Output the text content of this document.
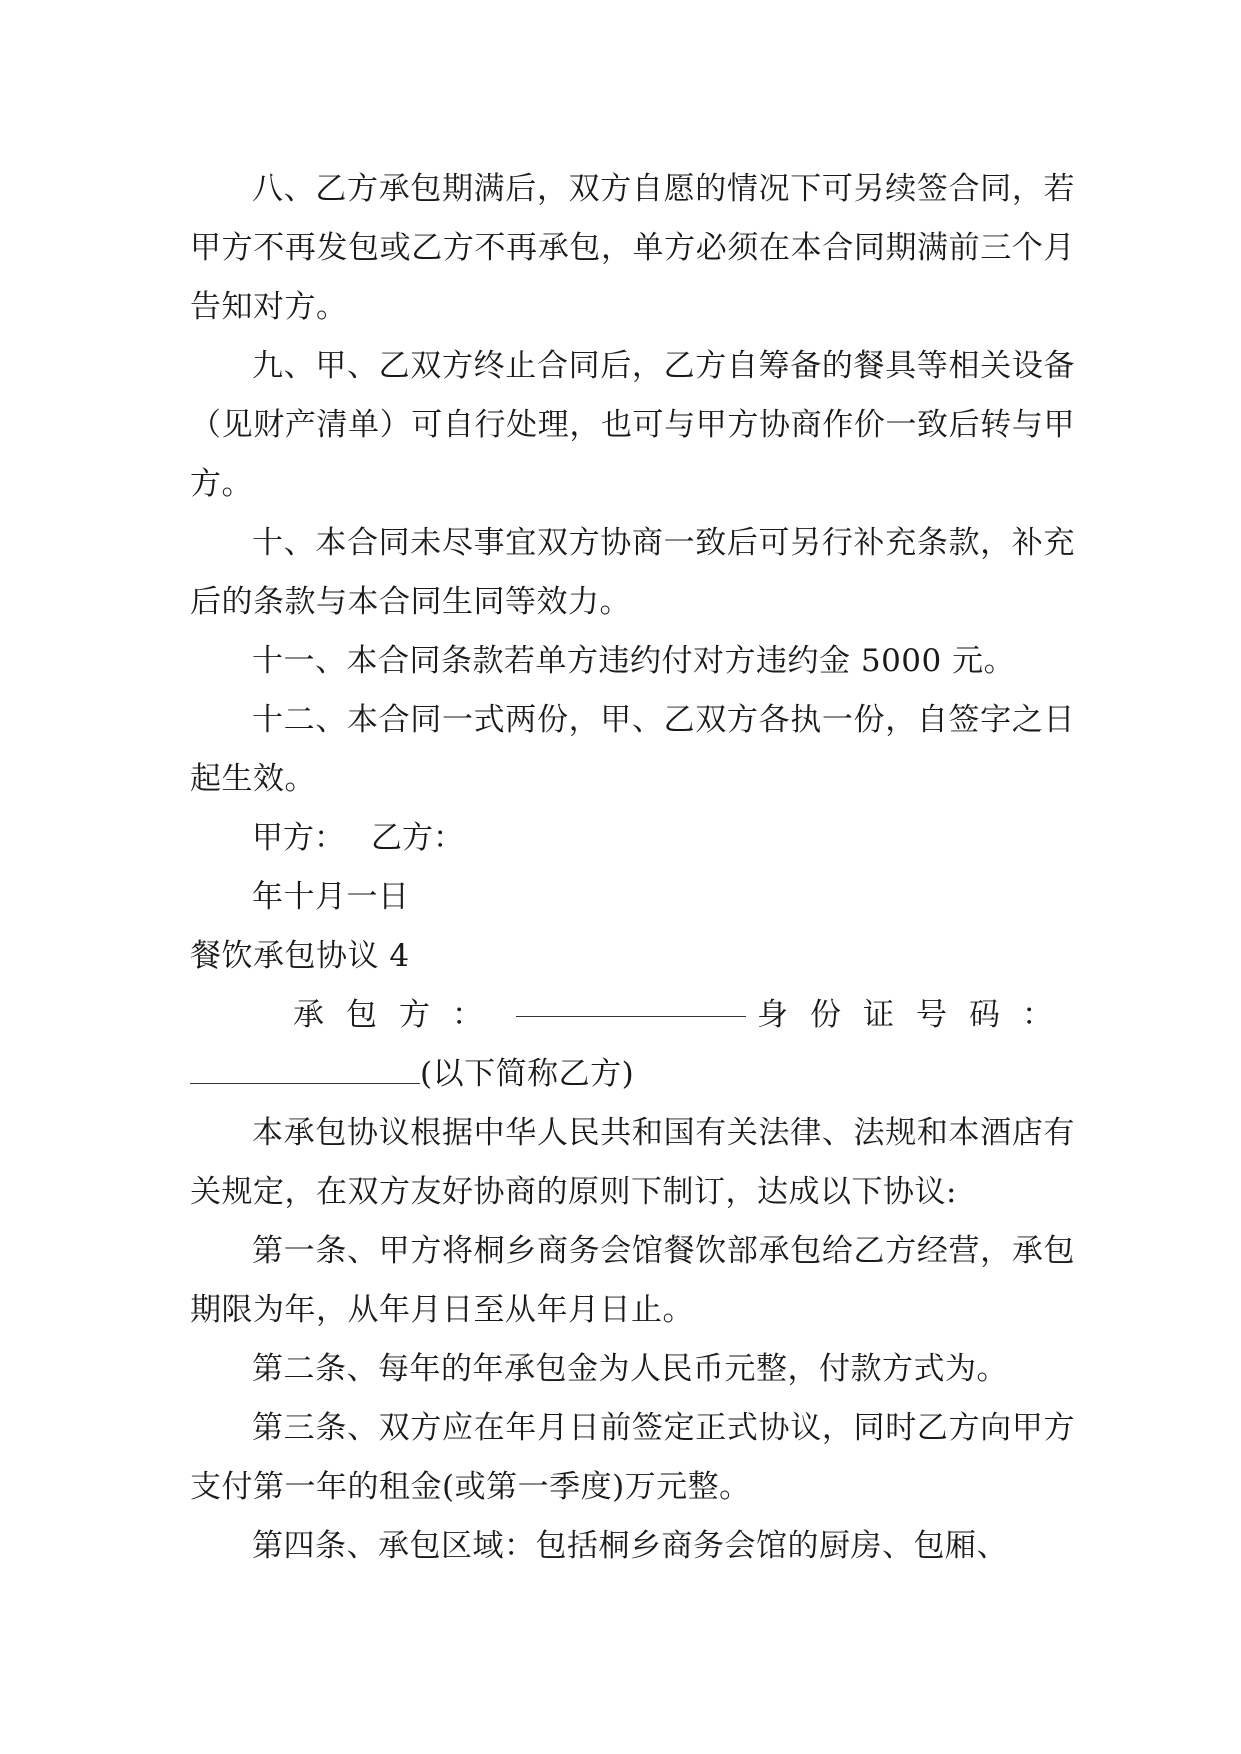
八、乙方承包期满后，双方自愿的情况下可另续签合同，若甲方不再发包或乙方不再承包，单方必须在本合同期满前三个月告知对方。

九、甲、乙双方终止合同后，乙方自筹备的餐具等相关设备（见财产清单）可自行处理，也可与甲方协商作价一致后转与甲方。

十、本合同未尽事宜双方协商一致后可另行补充条款，补充后的条款与本合同生同等效力。

十一、本合同条款若单方违约付对方违约金 5000 元。

十二、本合同一式两份，甲、乙双方各执一份，自签字之日起生效。

甲方： 乙方：

年十月一日

餐饮承包协议 4

承包方：	身份证号码：

(以下简称乙方)

本承包协议根据中华人民共和国有关法律、法规和本酒店有关规定，在双方友好协商的原则下制订，达成以下协议:

第一条、甲方将桐乡商务会馆餐饮部承包给乙方经营，承包期限为年，从年月日至从年月日止。

第二条、每年的年承包金为人民币元整，付款方式为。

第三条、双方应在年月日前签定正式协议，同时乙方向甲方支付第一年的租金(或第一季度)万元整。

第四条、承包区域：包括桐乡商务会馆的厨房、包厢、
